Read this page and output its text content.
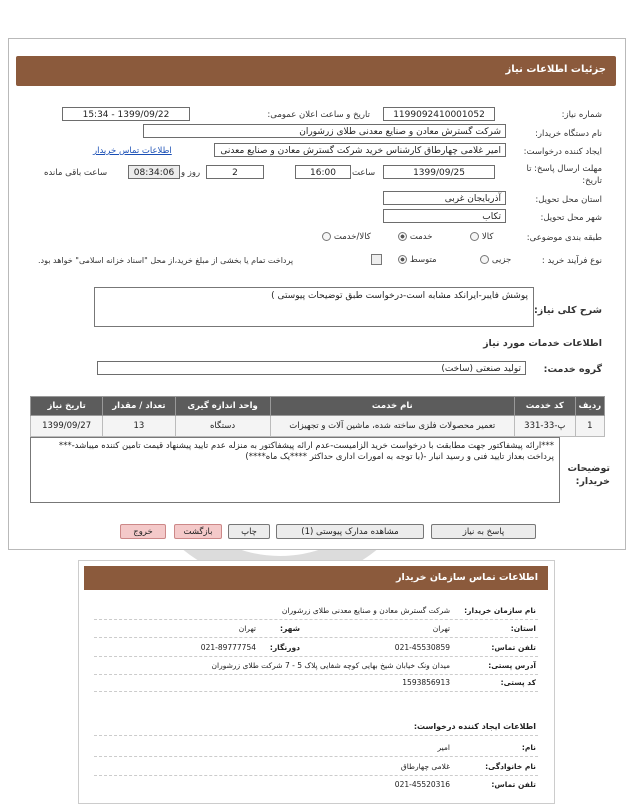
جزئیات اطلاعات نیاز
شماره نیاز:
1199092410001052
تاریخ و ساعت اعلان عمومی:
1399/09/22 - 15:34
نام دستگاه خریدار:
شرکت گسترش معادن و صنایع معدنی طلای زرشوران
ایجاد کننده درخواست:
امیر غلامی چهارطاق کارشناس خرید شرکت گسترش معادن و صنایع معدنی
اطلاعات تماس خریدار
مهلت ارسال پاسخ: تا تاریخ:
1399/09/25
ساعت
16:00
2
روز و
08:34:06
ساعت باقی مانده
استان محل تحویل:
آذربایجان غربی
شهر محل تحویل:
تکاب
طبقه بندی موضوعی:
کالا
خدمت
کالا/خدمت
نوع فرآیند خرید :
جزیی
متوسط
پرداخت تمام یا بخشی از مبلغ خرید،از محل "اسناد خزانه اسلامی" خواهد بود.
شرح کلی نیاز:
پوشش فایبر-ایرانکد مشابه است-درخواست طبق توضیحات پیوستی )
اطلاعات خدمات مورد نیاز
گروه خدمت:
تولید صنعتی (ساخت)
ردیف	کد خدمت	نام خدمت	واحد اندازه گیری	تعداد / مقدار	تاریخ نیاز
1	پ-33-331	تعمیر محصولات فلزی ساخته شده، ماشین آلات و تجهیزات	دستگاه	13	1399/09/27
توضیحات خریدار:
***ارائه پیشفاکتور جهت مطابقت با درخواست خرید الزامیست-عدم ارائه پیشفاکتور به منزله عدم تایید پیشنهاد قیمت تامین کننده میباشد-***
پرداخت بعداز تایید فنی و رسید انبار -(با توجه به امورات اداری حداکثر ****یک ماه****)
پاسخ به نیاز
مشاهده مدارک پیوستی (1)
چاپ
بازگشت
خروج
اطلاعات تماس سازمان خریدار
نام سازمان خریدار:
شرکت گسترش معادن و صنایع معدنی طلای زرشوران
استان:
تهران
شهر:
تهران
تلفن تماس:
021-45530859
دورنگار:
021-89777754
آدرس پستی:
میدان ونک خیابان شیخ بهایی کوچه شفایی پلاک 5 - 7 شرکت طلای زرشوران
کد پستی:
1593856913
اطلاعات ایجاد کننده درخواست:
نام:
امیر
نام خانوادگی:
غلامی چهارطاق
تلفن تماس:
021-45520316
